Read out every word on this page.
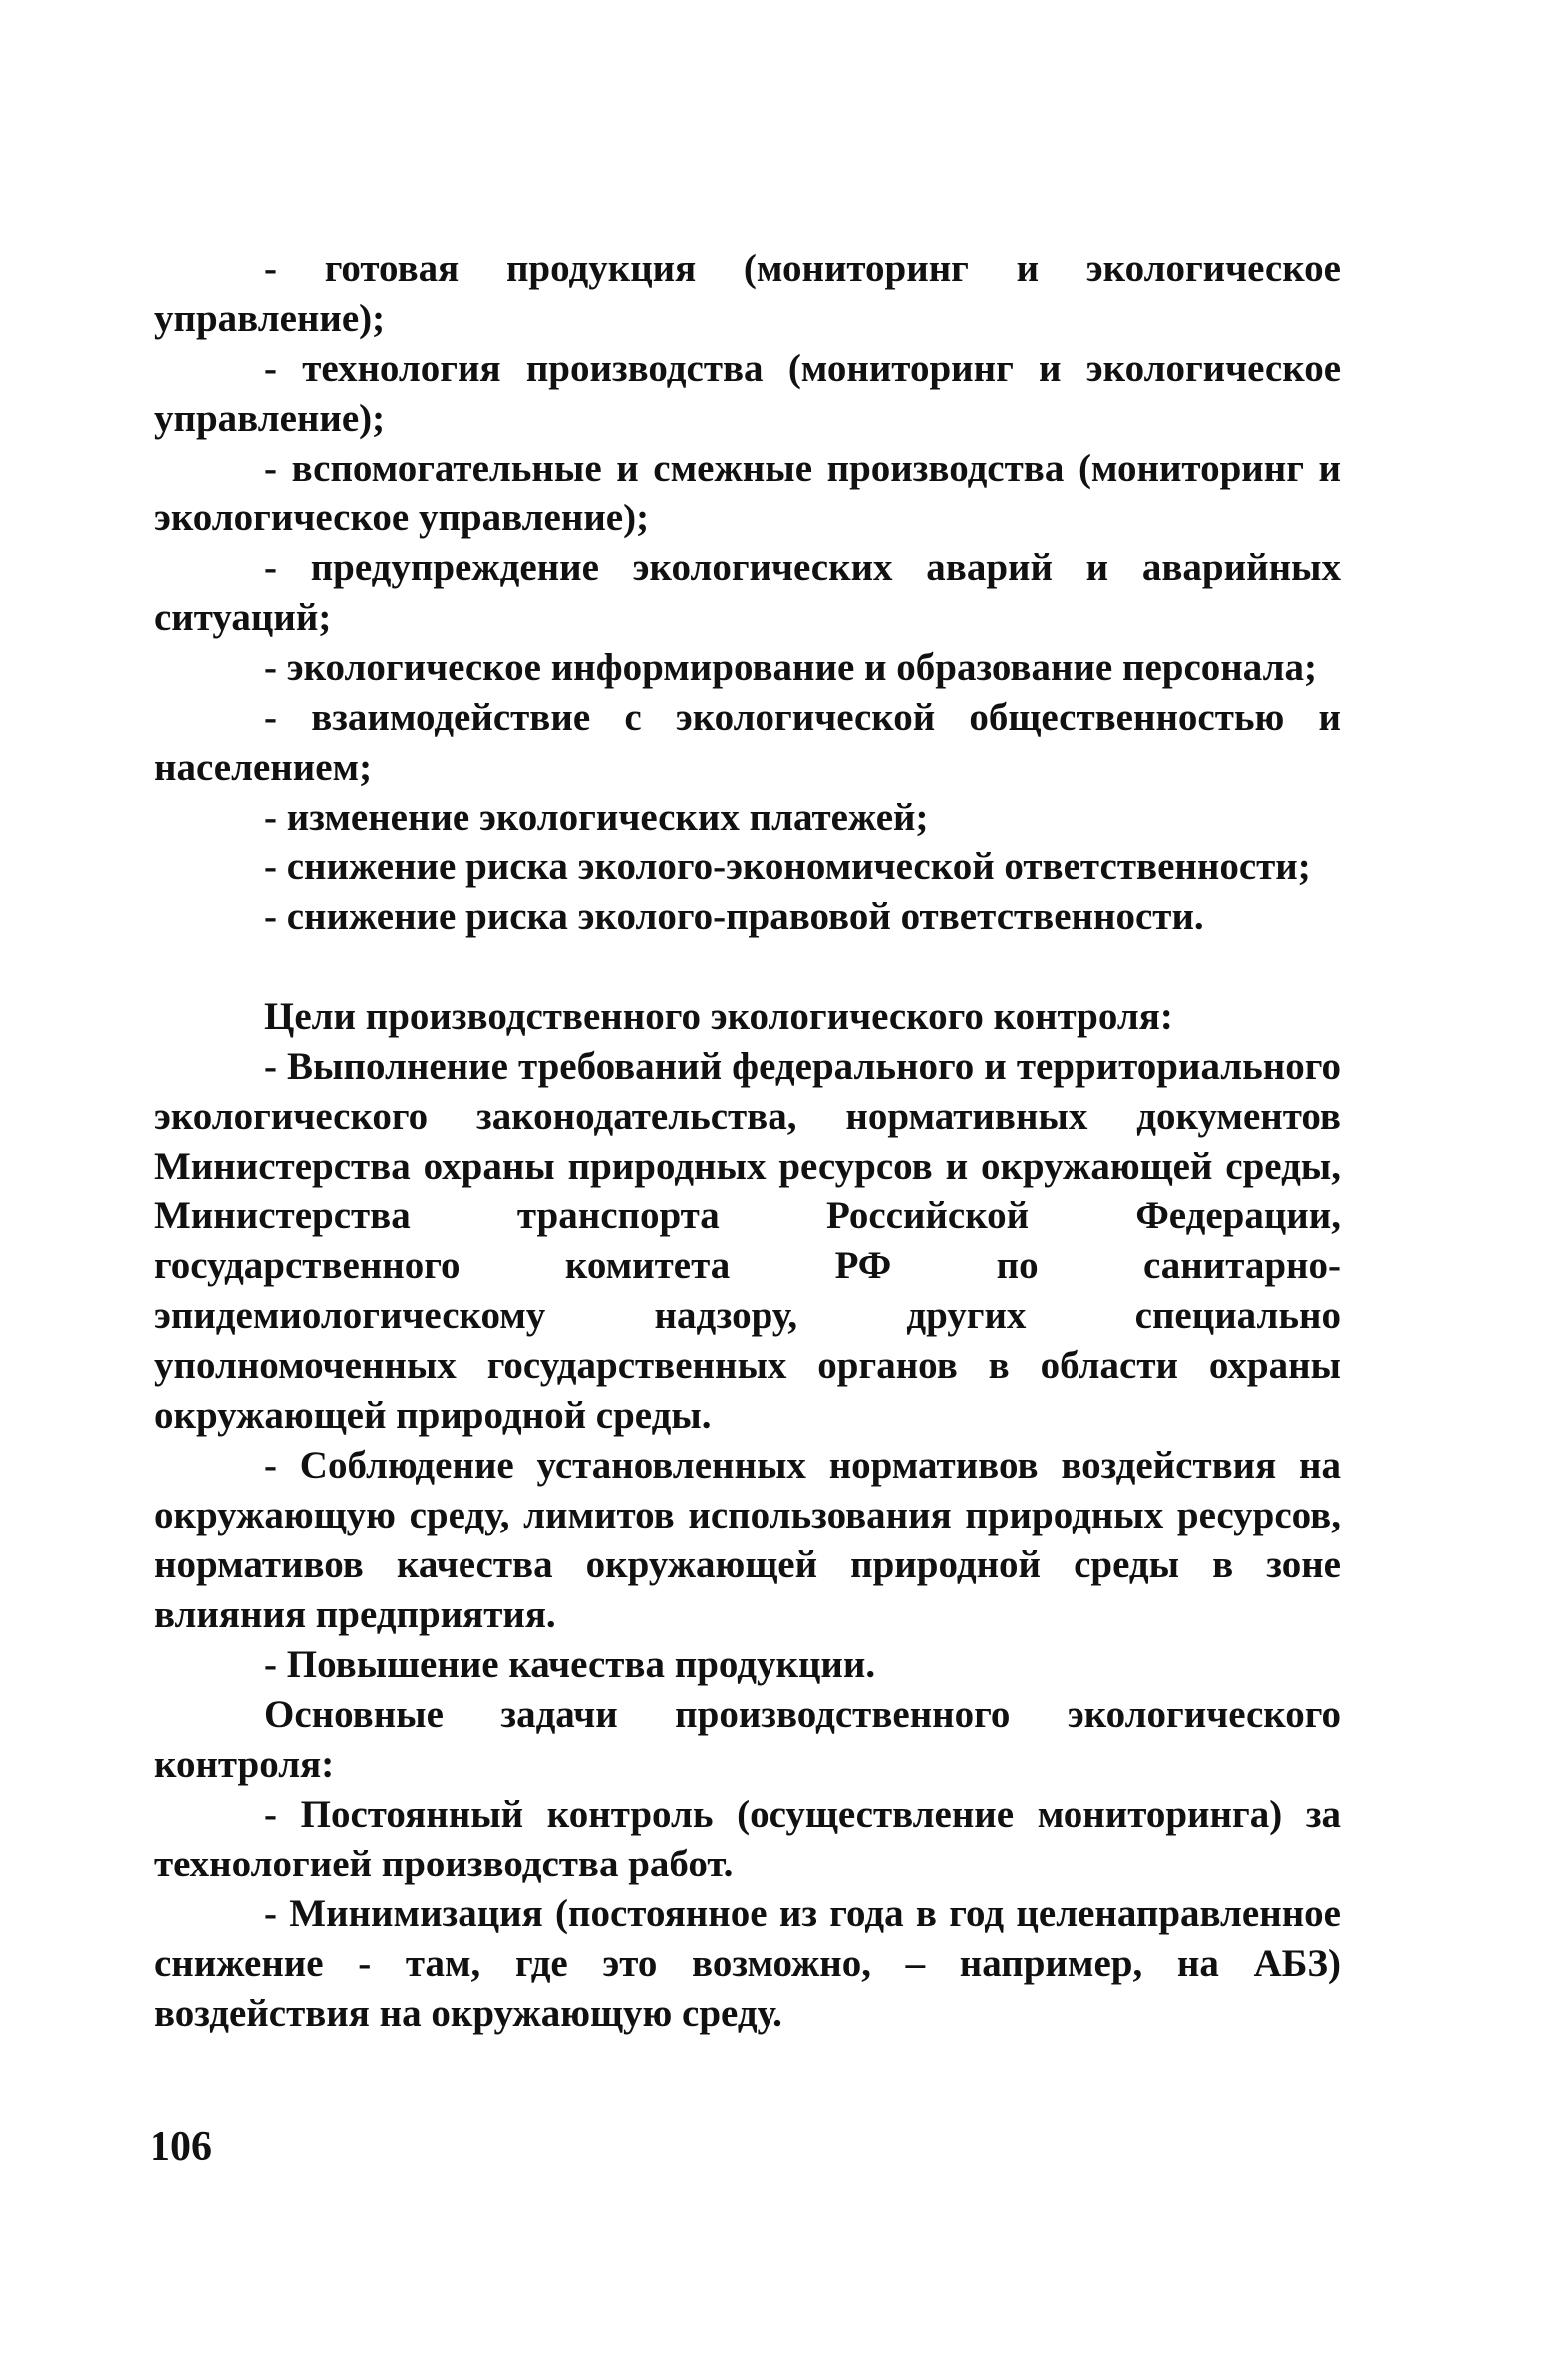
- готовая продукция (мониторинг и экологическое управление);

- технология производства (мониторинг и экологическое управление);

- вспомогательные и смежные производства (мониторинг и экологическое управление);

- предупреждение экологических аварий и аварийных ситуаций;

- экологическое информирование и образование персонала;

- взаимодействие с экологической общественностью и населением;

- изменение экологических платежей;

- снижение риска эколого-экономической ответственности;

- снижение риска эколого-правовой ответственности.

Цели производственного экологического контроля:

- Выполнение требований федерального и территориального экологического законодательства, нормативных документов Министерства охраны природных ресурсов и окружающей среды, Министерства транспорта Российской Федерации, государственного комитета РФ по санитарно-эпидемиологическому надзору, других специально уполномоченных государственных органов в области охраны окружающей природной среды.

- Соблюдение установленных нормативов воздействия на окружающую среду, лимитов использования природных ресурсов, нормативов качества окружающей природной среды в зоне влияния предприятия.

- Повышение качества продукции.

Основные задачи производственного экологического контроля:

- Постоянный контроль (осуществление мониторинга) за технологией производства работ.

- Минимизация (постоянное из года в год целенаправленное снижение - там, где это возможно, – например, на АБЗ) воздействия на окружающую среду.

106
